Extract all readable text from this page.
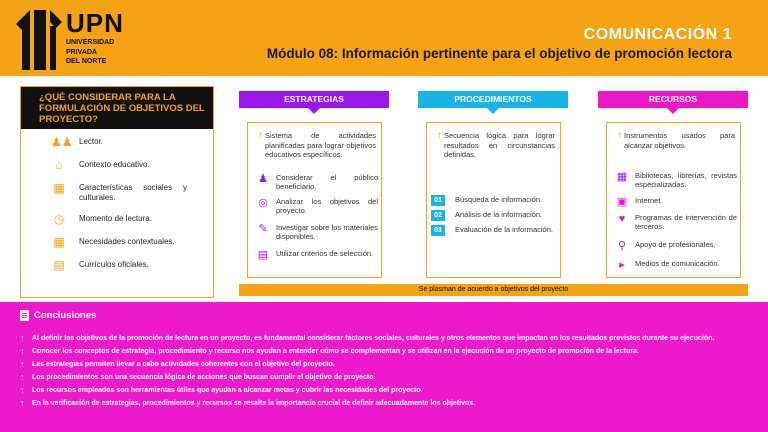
UPN
UNIVERSIDAD
PRIVADA
DEL NORTE
COMUNICACIÓN 1
Módulo 08: Información pertinente para el objetivo de promoción lectora
¿QUÉ CONSIDERAR PARA LA FORMULACIÓN DE OBJETIVOS DEL PROYECTO?
♟♟ Lector.
⌂	Contexto educativo.
▦ Características sociales y culturales.
◷	Momento de lectura.
▦ Necesidades contextuales.
▤ Currículos oficiales.
ESTRATEGIAS
↑ Sistema de actividades planificadas para lograr objetivos educativos específicos.
♟ Considerar el público beneficiario.
◎ Analizar los objetivos del proyecto.
✎	Investigar sobre los materiales disponibles.
▤ Utilizar criterios de selección.
PROCEDIMIENTOS
↑ Secuencia lógica para lograr resultados en circunstancias definidas.
01	Búsqueda de información.
02	Análisis de la información.
03	Evaluación de la información.
RECURSOS
↑ Instrumentos usados para alcanzar objetivos.
▦ Bibliotecas, librerías, revistas especializadas.
▣ Internet.
♥	Programas de intervención de terceros.
⚲	Apoyo de profesionales.
▸	Medios de comunicación.
Se plasman de acuerdo a objetivos del proyecto
Conclusiones
↑	Al definir los objetivos de la promoción de lectura en un proyecto, es fundamental considerar factores sociales, culturales y otros elementos que impactan en los resultados previstos durante su ejecución.
↑	Conocer los conceptos de estrategia, procedimiento y recurso nos ayudan a entender cómo se complementan y se utilizan en la ejecución de un proyecto de promoción de la lectura.
↑	Las estrategias permiten llevar a cabo actividades coherentes con el objetivo del proyecto.
↑	Los procedimientos son una secuencia lógica de acciones que buscan cumplir el objetivo de proyecto.
↑	Los recursos empleados son herramientas útiles que ayudan a alcanzar metas y cubrir las necesidades del proyecto.
↑	En la verificación de estrategias, procedimientos y recursos se resalta la importancia crucial de definir adecuadamente los objetivos.
